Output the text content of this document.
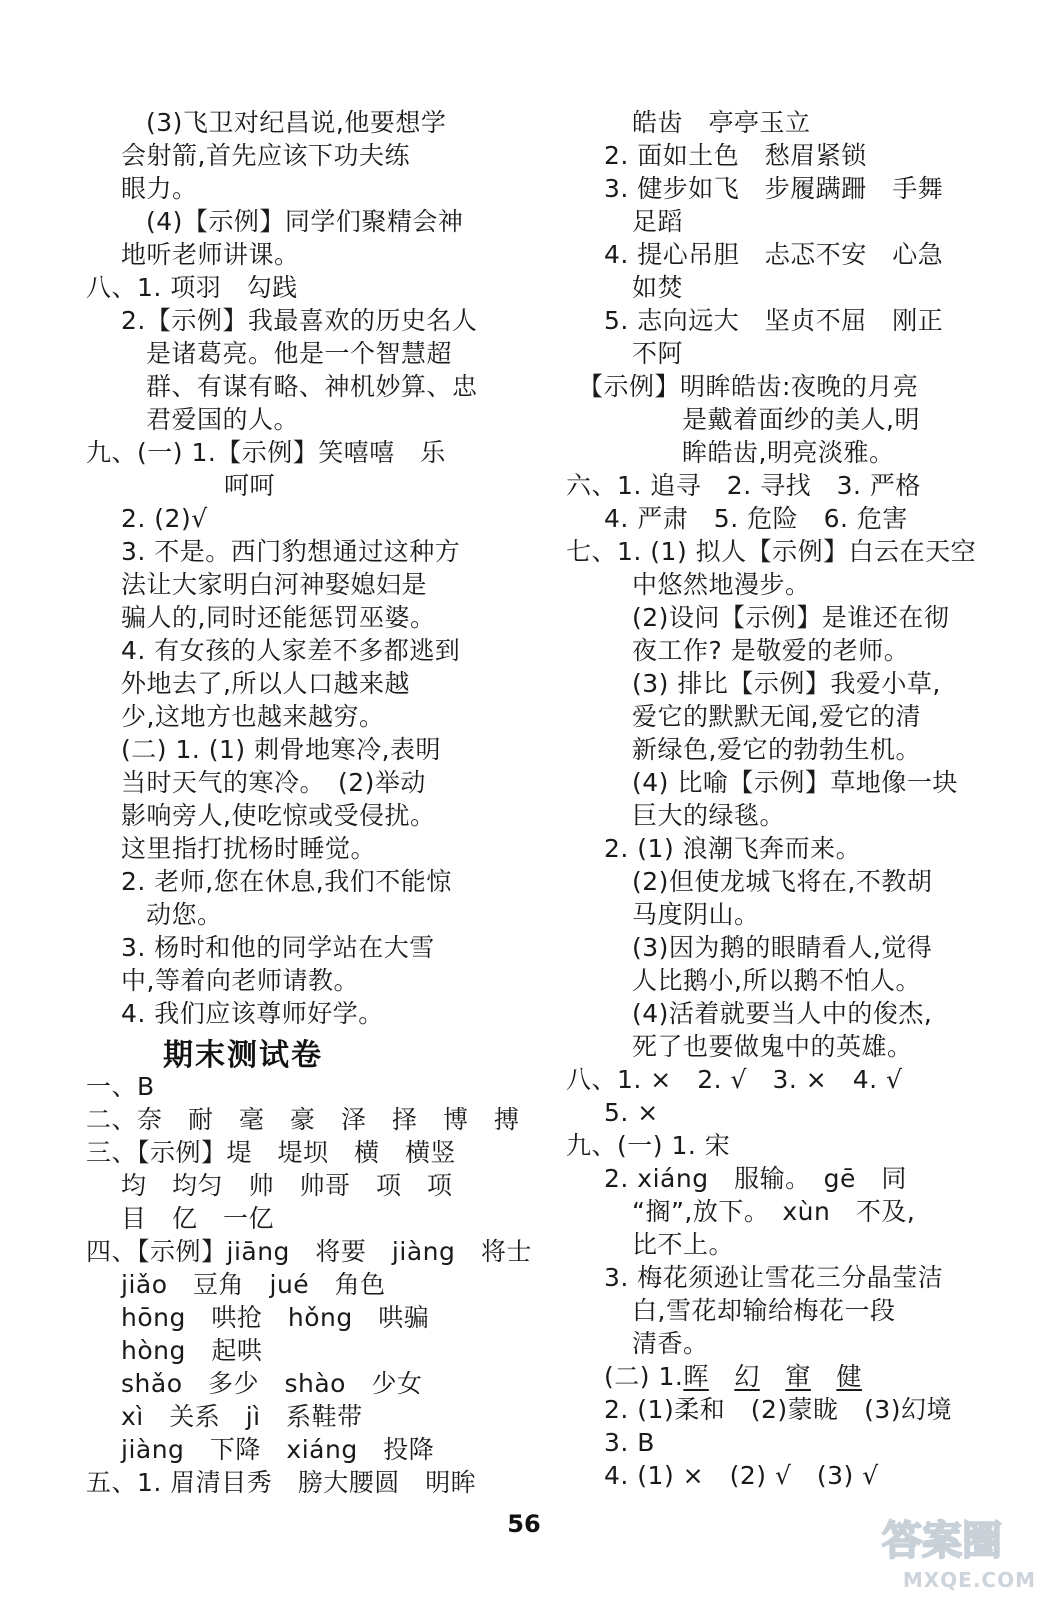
(3)飞卫对纪昌说,他要想学
会射箭,首先应该下功夫练
眼力。
(4)【示例】同学们聚精会神
地听老师讲课。
八、1. 项羽　勾践
2.【示例】我最喜欢的历史名人
是诸葛亮。他是一个智慧超
群、有谋有略、神机妙算、忠
君爱国的人。
九、(一) 1.【示例】笑嘻嘻　乐
呵呵
2. (2)√
3. 不是。西门豹想通过这种方
法让大家明白河神娶媳妇是
骗人的,同时还能惩罚巫婆。
4. 有女孩的人家差不多都逃到
外地去了,所以人口越来越
少,这地方也越来越穷。
(二) 1. (1) 刺骨地寒冷,表明
当时天气的寒冷。　(2)举动
影响旁人,使吃惊或受侵扰。
这里指打扰杨时睡觉。
2. 老师,您在休息,我们不能惊
动您。
3. 杨时和他的同学站在大雪
中,等着向老师请教。
4. 我们应该尊师好学。
期末测试卷
一、B
二、奈　耐　毫　豪　泽　择　博　搏
三、【示例】堤　堤坝　横　横竖
均　均匀　帅　帅哥　项　项
目　亿　一亿
四、【示例】jiāng　将要　jiàng　将士
jiǎo　豆角　jué　角色
hōng　哄抢　hǒng　哄骗
hòng　起哄
shǎo　多少　shào　少女
xì　关系　jì　系鞋带
jiàng　下降　xiáng　投降
五、1. 眉清目秀　膀大腰圆　明眸
皓齿　亭亭玉立
2. 面如土色　愁眉紧锁
3. 健步如飞　步履蹒跚　手舞
足蹈
4. 提心吊胆　忐忑不安　心急
如焚
5. 志向远大　坚贞不屈　刚正
不阿
【示例】明眸皓齿:夜晚的月亮
是戴着面纱的美人,明
眸皓齿,明亮淡雅。
六、1. 追寻　2. 寻找　3. 严格
4. 严肃　5. 危险　6. 危害
七、1. (1) 拟人【示例】白云在天空
中悠然地漫步。
(2)设问【示例】是谁还在彻
夜工作? 是敬爱的老师。
(3) 排比【示例】我爱小草,
爱它的默默无闻,爱它的清
新绿色,爱它的勃勃生机。
(4) 比喻【示例】草地像一块
巨大的绿毯。
2. (1) 浪潮飞奔而来。
(2)但使龙城飞将在,不教胡
马度阴山。
(3)因为鹅的眼睛看人,觉得
人比鹅小,所以鹅不怕人。
(4)活着就要当人中的俊杰,
死了也要做鬼中的英雄。
八、1. ×　2. √　3. ×　4. √
5. ×
九、(一) 1. 宋
2. xiáng　服输。　gē　同
“搁”,放下。　xùn　不及,
比不上。
3. 梅花须逊让雪花三分晶莹洁
白,雪花却输给梅花一段
清香。
(二) 1.晖　 幻　 窜　 健
2. (1)柔和　(2)蒙眬　(3)幻境
3. B
4. (1) ×　(2) √　(3) √
56	答案圈
MXQE.COM
